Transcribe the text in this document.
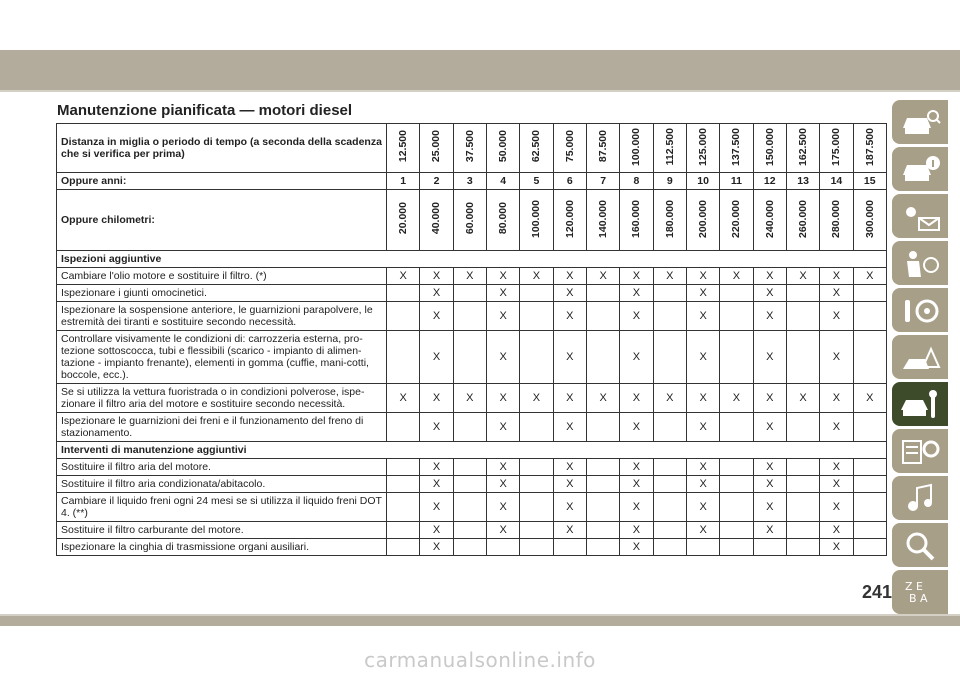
Manutenzione pianificata — motori diesel
Distanza in miglia o periodo di tempo (a seconda della scadenza che si verifica per prima)	12.500	25.000	37.500	50.000	62.500	75.000	87.500	100.000	112.500	125.000	137.500	150.000	162.500	175.000	187.500
Oppure anni:	1	2	3	4	5	6	7	8	9	10	11	12	13	14	15
Oppure chilometri:	20.000	40.000	60.000	80.000	100.000	120.000	140.000	160.000	180.000	200.000	220.000	240.000	260.000	280.000	300.000
Ispezioni aggiuntive															
Cambiare l'olio motore e sostituire il filtro. (*)	X	X	X	X	X	X	X	X	X	X	X	X	X	X	X
Ispezionare i giunti omocinetici.		X		X		X		X		X		X		X	
Ispezionare la sospensione anteriore, le guarnizioni parapolvere, le estremità dei tiranti e sostituire secondo necessità.		X		X		X		X		X		X		X	
Controllare visivamente le condizioni di: carrozzeria esterna, pro-tezione sottoscocca, tubi e flessibili (scarico - impianto di alimen-tazione - impianto frenante), elementi in gomma (cuffie, mani-cotti, boccole, ecc.).		X		X		X		X		X		X		X	
Se si utilizza la vettura fuoristrada o in condizioni polverose, ispe-zionare il filtro aria del motore e sostituire secondo necessità.	X	X	X	X	X	X	X	X	X	X	X	X	X	X	X
Ispezionare le guarnizioni dei freni e il funzionamento del freno di stazionamento.		X		X		X		X		X		X		X	
Interventi di manutenzione aggiuntivi															
Sostituire il filtro aria del motore.		X		X		X		X		X		X		X	
Sostituire il filtro aria condizionata/abitacolo.		X		X		X		X		X		X		X	
Cambiare il liquido freni ogni 24 mesi se si utilizza il liquido freni DOT 4. (**)		X		X		X		X		X		X		X	
Sostituire il filtro carburante del motore.		X		X		X		X		X		X		X	
Ispezionare la cinghia di trasmissione organi ausiliari.		X						X						X	
Z E
B A
241
carmanualsonline.info
